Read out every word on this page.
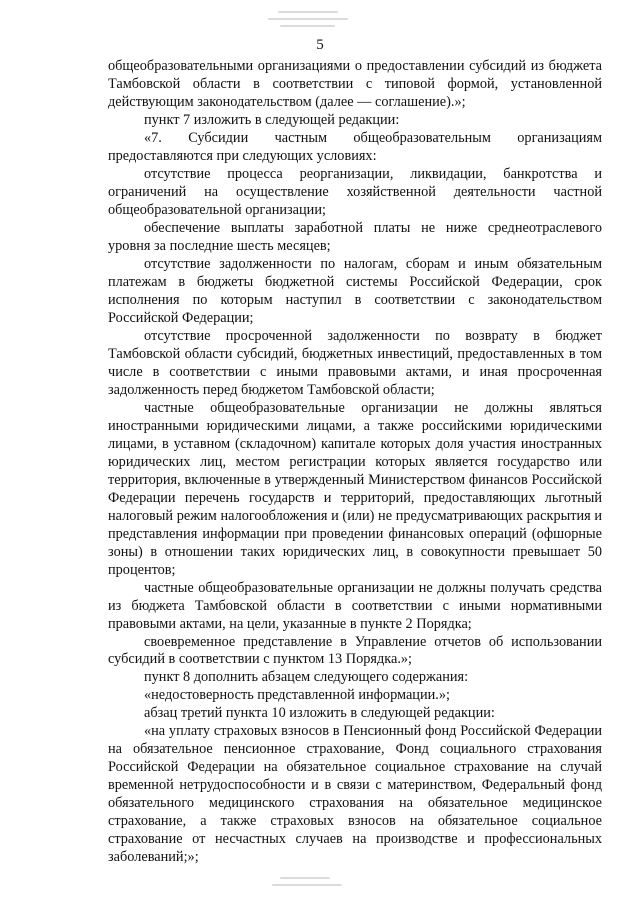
5

общеобразовательными организациями о предоставлении субсидий из бюджета Тамбовской области в соответствии с типовой формой, установленной действующим законодательством (далее — соглашение).»;

пункт 7 изложить в следующей редакции:

«7. Субсидии частным общеобразовательным организациям предоставляются при следующих условиях:

отсутствие процесса реорганизации, ликвидации, банкротства и ограничений на осуществление хозяйственной деятельности частной общеобразовательной организации;

обеспечение выплаты заработной платы не ниже среднеотраслевого уровня за последние шесть месяцев;

отсутствие задолженности по налогам, сборам и иным обязательным платежам в бюджеты бюджетной системы Российской Федерации, срок исполнения по которым наступил в соответствии с законодательством Российской Федерации;

отсутствие просроченной задолженности по возврату в бюджет Тамбовской области субсидий, бюджетных инвестиций, предоставленных в том числе в соответствии с иными правовыми актами, и иная просроченная задолженность перед бюджетом Тамбовской области;

частные общеобразовательные организации не должны являться иностранными юридическими лицами, а также российскими юридическими лицами, в уставном (складочном) капитале которых доля участия иностранных юридических лиц, местом регистрации которых является государство или территория, включенные в утвержденный Министерством финансов Российской Федерации перечень государств и территорий, предоставляющих льготный налоговый режим налогообложения и (или) не предусматривающих раскрытия и представления информации при проведении финансовых операций (офшорные зоны) в отношении таких юридических лиц, в совокупности превышает 50 процентов;

частные общеобразовательные организации не должны получать средства из бюджета Тамбовской области в соответствии с иными нормативными правовыми актами, на цели, указанные в пункте 2 Порядка;

своевременное представление в Управление отчетов об использовании субсидий в соответствии с пунктом 13 Порядка.»;

пункт 8 дополнить абзацем следующего содержания:

«недостоверность представленной информации.»;

абзац третий пункта 10 изложить в следующей редакции:

«на уплату страховых взносов в Пенсионный фонд Российской Федерации на обязательное пенсионное страхование, Фонд социального страхования Российской Федерации на обязательное социальное страхование на случай временной нетрудоспособности и в связи с материнством, Федеральный фонд обязательного медицинского страхования на обязательное медицинское страхование, а также страховых взносов на обязательное социальное страхование от несчастных случаев на производстве и профессиональных заболеваний;»;
